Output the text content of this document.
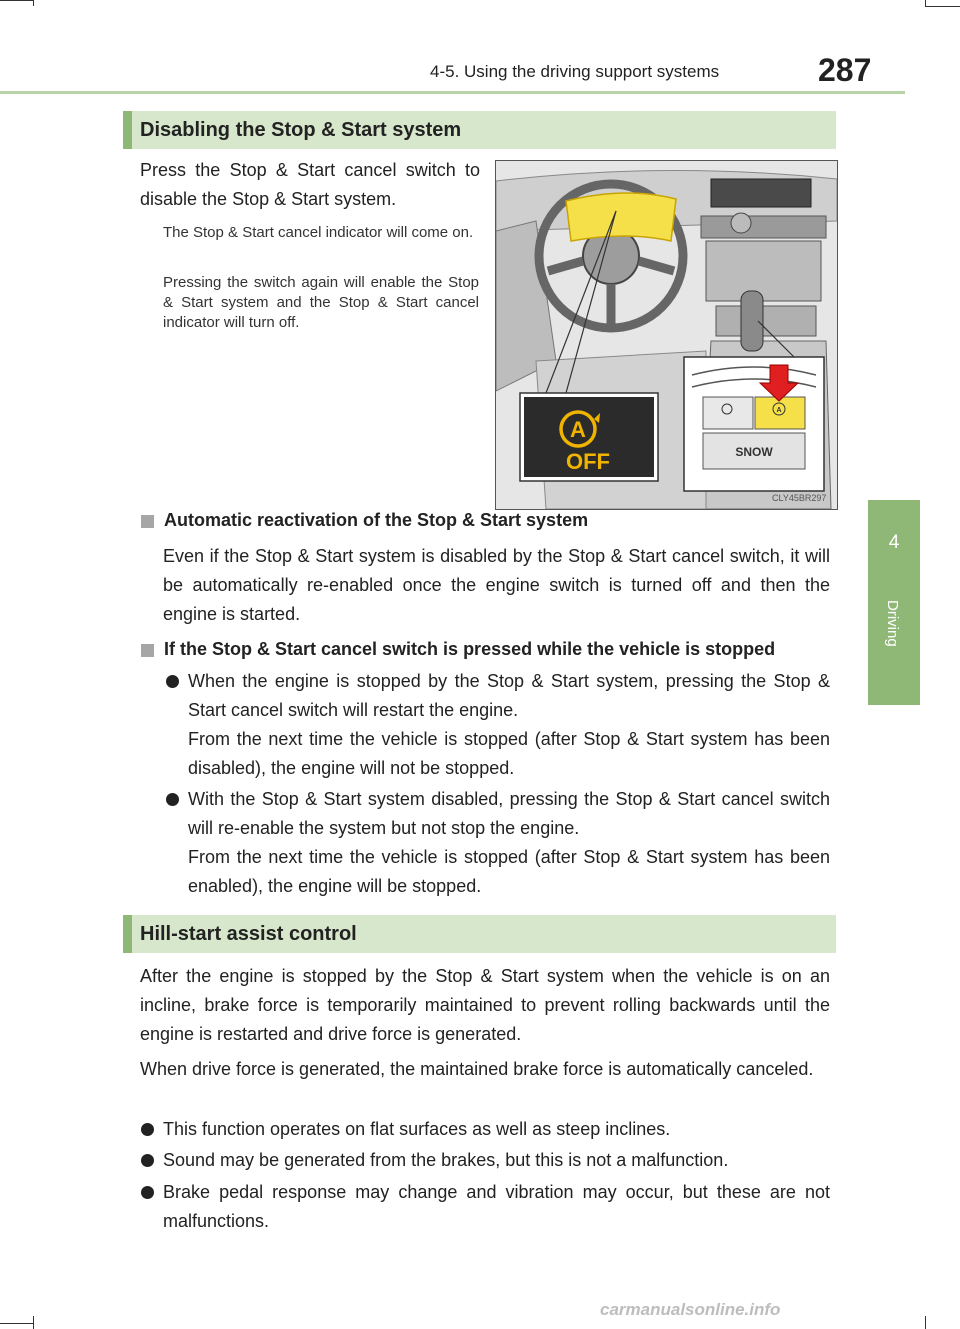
4-5. Using the driving support systems	287
4
Driving
Disabling the Stop & Start system
Press the Stop & Start cancel switch to disable the Stop & Start system.
The Stop & Start cancel indicator will come on.
Pressing the switch again will enable the Stop & Start system and the Stop & Start cancel indicator will turn off.
A
OFF
A
SNOW
CLY45BR297
Automatic reactivation of the Stop & Start system
Even if the Stop & Start system is disabled by the Stop & Start cancel switch, it will be automatically re-enabled once the engine switch is turned off and then the engine is started.
If the Stop & Start cancel switch is pressed while the vehicle is stopped
When the engine is stopped by the Stop & Start system, pressing the Stop & Start cancel switch will restart the engine.
From the next time the vehicle is stopped (after Stop & Start system has been disabled), the engine will not be stopped.
With the Stop & Start system disabled, pressing the Stop & Start cancel switch will re-enable the system but not stop the engine.
From the next time the vehicle is stopped (after Stop & Start system has been enabled), the engine will be stopped.
Hill-start assist control
After the engine is stopped by the Stop & Start system when the vehicle is on an incline, brake force is temporarily maintained to prevent rolling backwards until the engine is restarted and drive force is generated.
When drive force is generated, the maintained brake force is automatically canceled.
This function operates on flat surfaces as well as steep inclines.
Sound may be generated from the brakes, but this is not a malfunction.
Brake pedal response may change and vibration may occur, but these are not malfunctions.
carmanualsonline.info
